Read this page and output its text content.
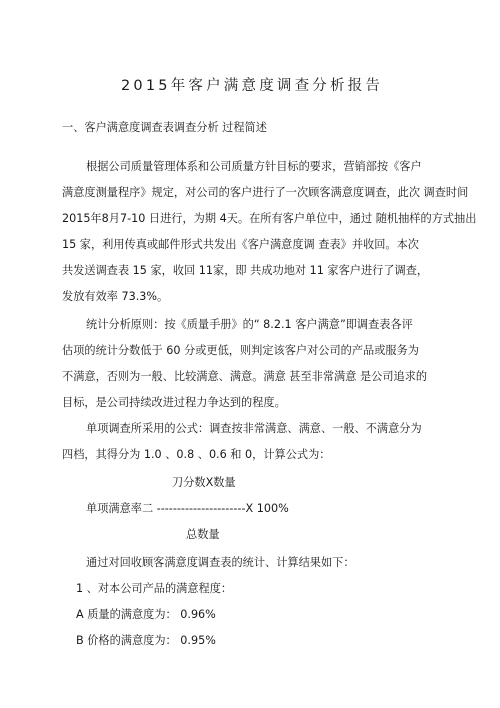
2015年客户满意度调查分析报告
一、客户满意度调查表调查分析 过程简述
根据公司质量管理体系和公司质量方针目标的要求，营销部按《客户
满意度测量程序》规定，对公司的客户进行了一次顾客满意度调查，此次 调查时间
2015年8月7-10 日进行，为期 4天。在所有客户单位中，通过 随机抽样的方式抽出
15 家，利用传真或邮件形式共发出《客户满意度调 查表》并收回。本次
共发送调查表 15 家，收回 11家，即 共成功地对 11 家客户进行了调查，
发放有效率 73.3%。
统计分析原则：按《质量手册》的“ 8.2.1 客户满意”即调查表各评
估项的统计分数低于 60 分或更低，则判定该客户对公司的产品或服务为
不满意，否则为一般、比较满意、满意。满意 甚至非常满意 是公司追求的
目标，是公司持续改进过程力争达到的程度。
单项调查所采用的公式：调查按非常满意、满意、一般、不满意分为
四档，其得分为 1.0 、0.8 、0.6 和 0，计算公式为：
刀分数X数量
单项满意率二 ----------------------X 100%
总数量
通过对回收顾客满意度调查表的统计、计算结果如下：
1 、对本公司产品的满意程度：
A 质量的满意度为： 0.96%
B 价格的满意度为： 0.95%
